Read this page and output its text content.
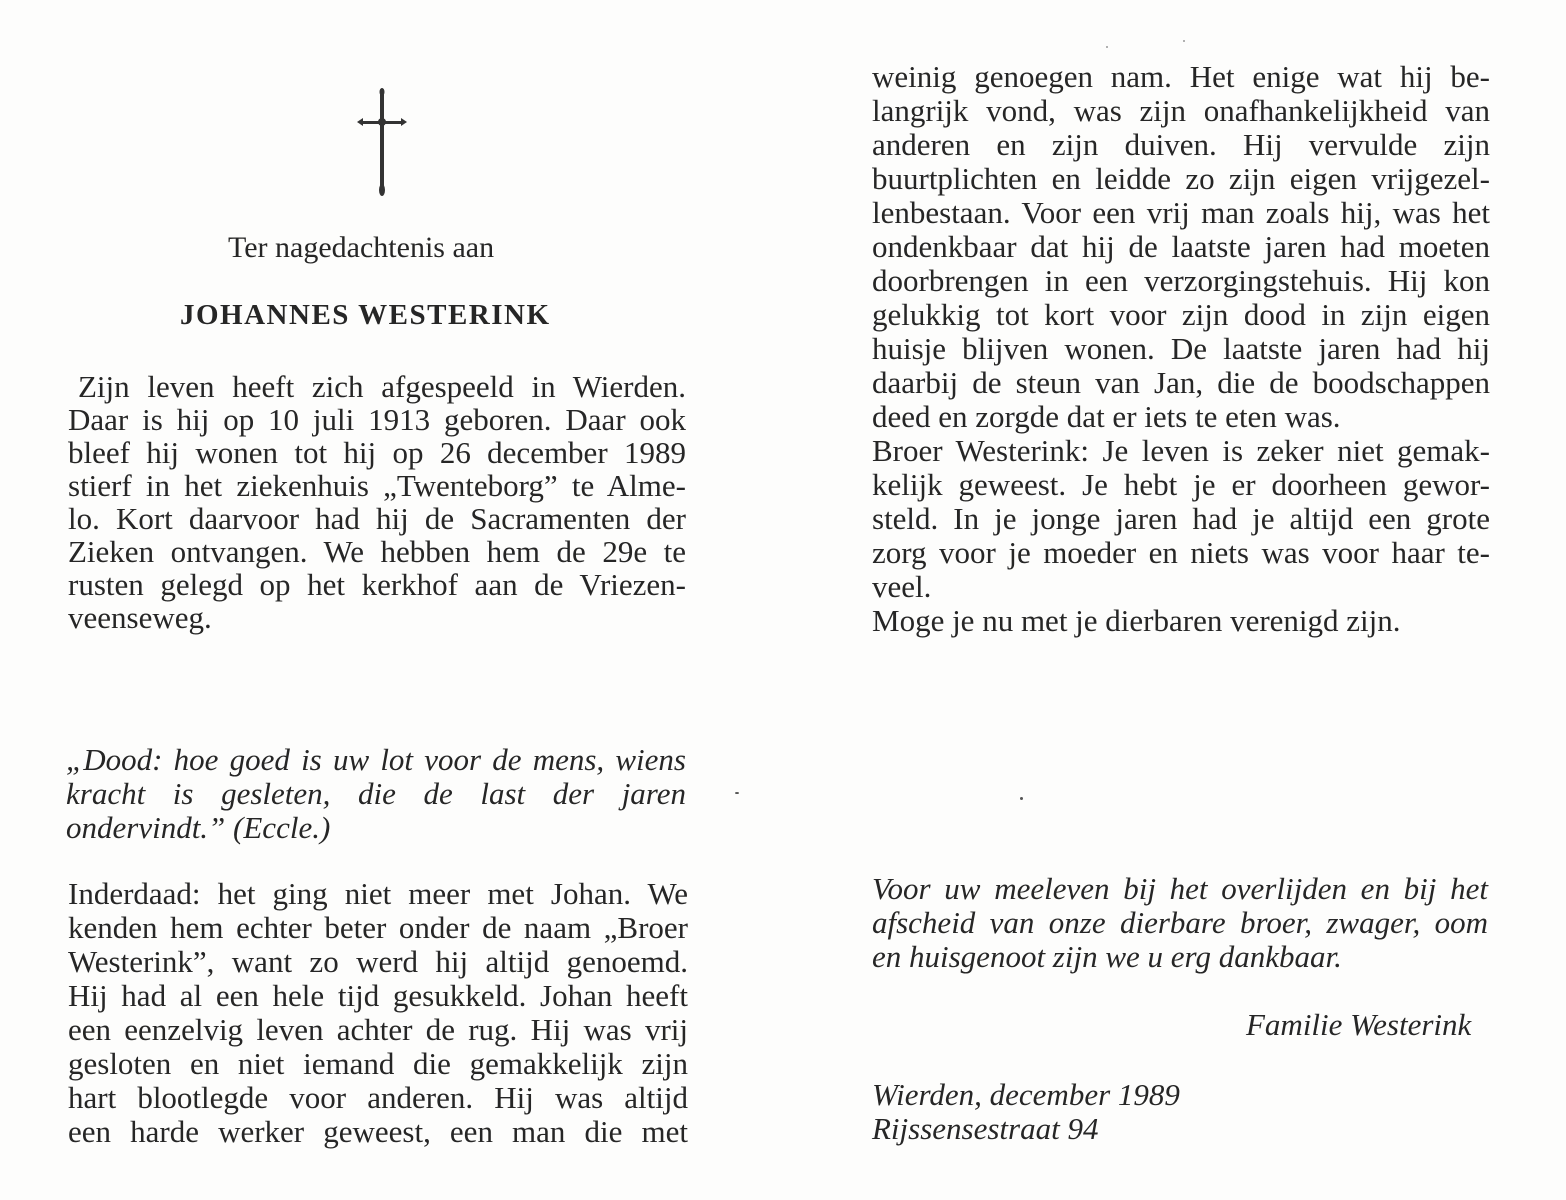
Ter nagedachtenis aan
JOHANNES WESTERINK
Zijn leven heeft zich afgespeeld in Wierden.
Daar is hij op 10 juli 1913 geboren. Daar ook
bleef hij wonen tot hij op 26 december 1989
stierf in het ziekenhuis „Twenteborg” te Almе-
lo. Kort daarvoor had hij de Sacramenten der
Zieken ontvangen. We hebben hem de 29e te
rusten gelegd op het kerkhof aan de Vriezen-
veenseweg.
„Dood: hoe goed is uw lot voor de mens, wiens
kracht is gesleten, die de last der jaren
ondervindt.” (Eccle.)
Inderdaad: het ging niet meer met Johan. We
kenden hem echter beter onder de naam „Broer
Westerink”, want zo werd hij altijd genoemd.
Hij had al een hele tijd gesukkeld. Johan heeft
een eenzelvig leven achter de rug. Hij was vrij
gesloten en niet iemand die gemakkelijk zijn
hart blootlegde voor anderen. Hij was altijd
een harde werker geweest, een man die met
weinig genoegen nam. Het enige wat hij be-
langrijk vond, was zijn onafhankelijkheid van
anderen en zijn duiven. Hij vervulde zijn
buurtplichten en leidde zo zijn eigen vrijgezel-
lenbestaan. Voor een vrij man zoals hij, was het
ondenkbaar dat hij de laatste jaren had moeten
doorbrengen in een verzorgingstehuis. Hij kon
gelukkig tot kort voor zijn dood in zijn eigen
huisje blijven wonen. De laatste jaren had hij
daarbij de steun van Jan, die de boodschappen
deed en zorgde dat er iets te eten was.
Broer Westerink: Je leven is zeker niet gemak-
kelijk geweest. Je hebt je er doorheen gewor-
steld. In je jonge jaren had je altijd een grote
zorg voor je moeder en niets was voor haar te-
veel.
Moge je nu met je dierbaren verenigd zijn.
Voor uw meeleven bij het overlijden en bij het
afscheid van onze dierbare broer, zwager, oom
en huisgenoot zijn we u erg dankbaar.
Familie Westerink
Wierden, december 1989
Rijssensestraat 94
